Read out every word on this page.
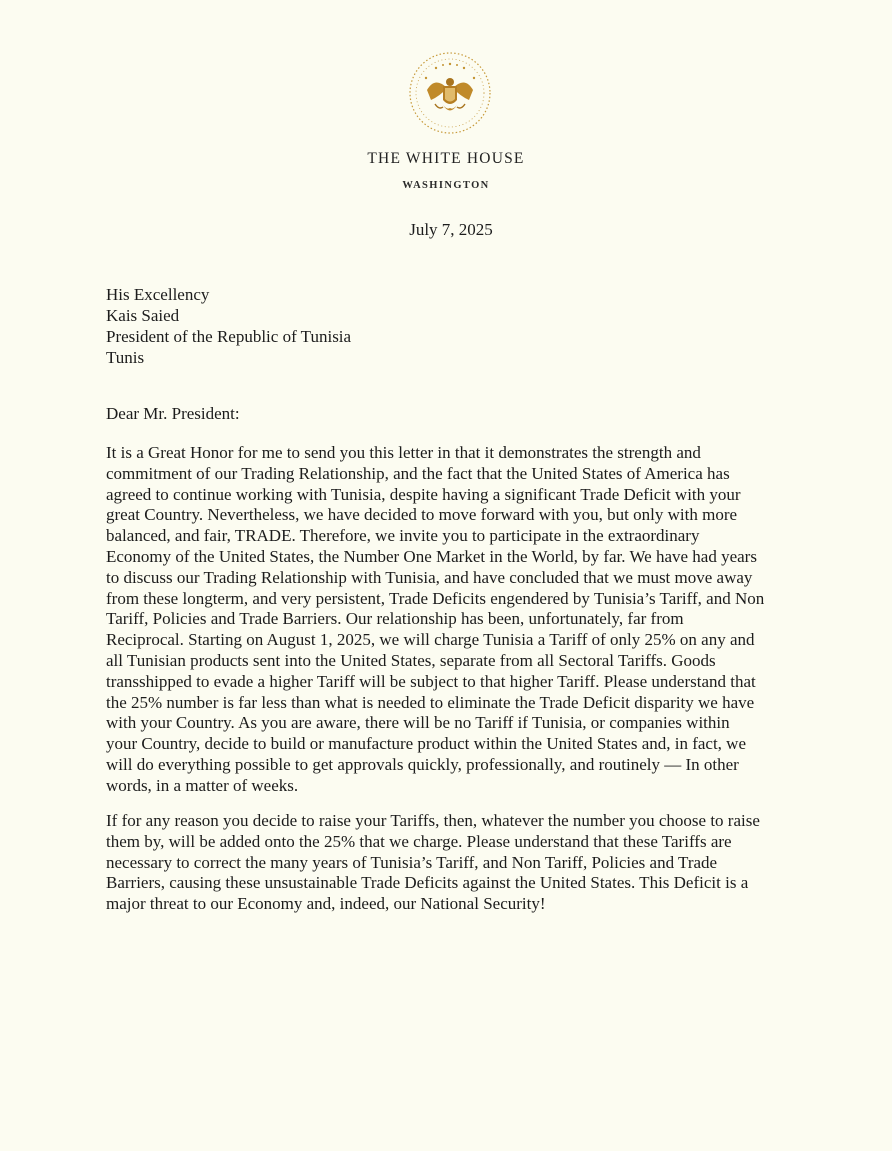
THE WHITE HOUSE
WASHINGTON
July 7, 2025
His Excellency
Kais Saied
President of the Republic of Tunisia
Tunis
Dear Mr. President:

It is a Great Honor for me to send you this letter in that it demonstrates the strength and
commitment of our Trading Relationship, and the fact that the United States of America has
agreed to continue working with Tunisia, despite having a significant Trade Deficit with your
great Country. Nevertheless, we have decided to move forward with you, but only with more
balanced, and fair, TRADE. Therefore, we invite you to participate in the extraordinary
Economy of the United States, the Number One Market in the World, by far. We have had years
to discuss our Trading Relationship with Tunisia, and have concluded that we must move away
from these longterm, and very persistent, Trade Deficits engendered by Tunisia’s Tariff, and Non
Tariff, Policies and Trade Barriers. Our relationship has been, unfortunately, far from
Reciprocal. Starting on August 1, 2025, we will charge Tunisia a Tariff of only 25% on any and
all Tunisian products sent into the United States, separate from all Sectoral Tariffs. Goods
transshipped to evade a higher Tariff will be subject to that higher Tariff. Please understand that
the 25% number is far less than what is needed to eliminate the Trade Deficit disparity we have
with your Country. As you are aware, there will be no Tariff if Tunisia, or companies within
your Country, decide to build or manufacture product within the United States and, in fact, we
will do everything possible to get approvals quickly, professionally, and routinely — In other
words, in a matter of weeks.

If for any reason you decide to raise your Tariffs, then, whatever the number you choose to raise
them by, will be added onto the 25% that we charge. Please understand that these Tariffs are
necessary to correct the many years of Tunisia’s Tariff, and Non Tariff, Policies and Trade
Barriers, causing these unsustainable Trade Deficits against the United States. This Deficit is a
major threat to our Economy and, indeed, our National Security!
